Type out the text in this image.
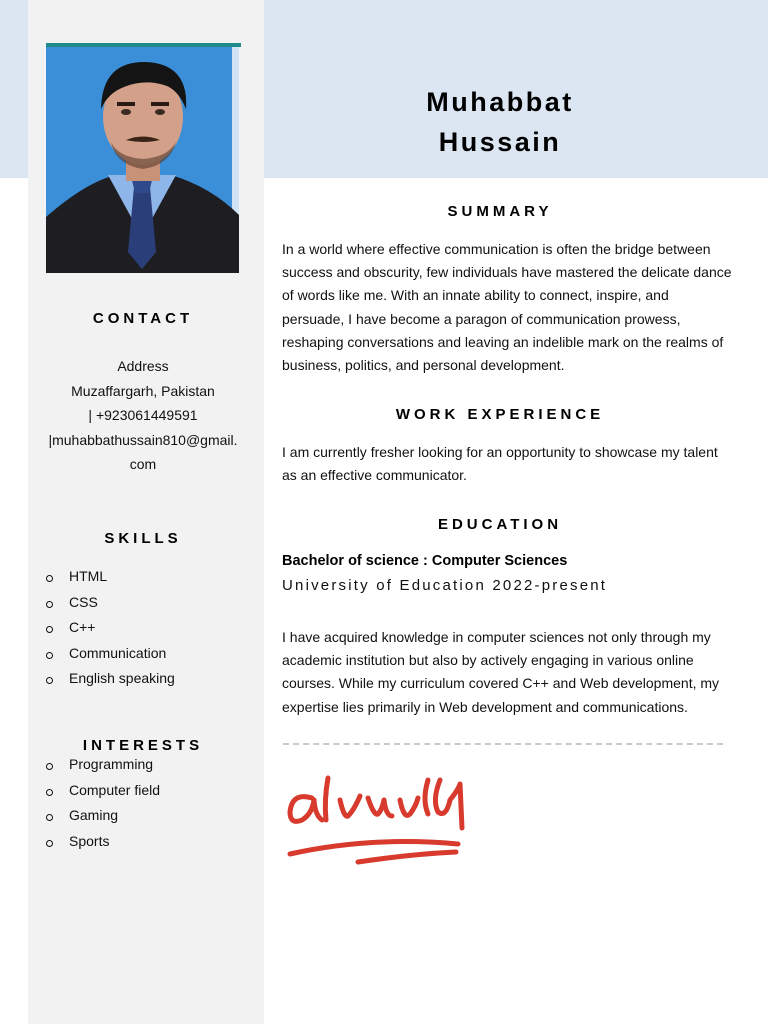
Muhabbat
Hussain
CONTACT
Address
Muzaffargarh, Pakistan
| +923061449591
|muhabbathussain810@gmail.
com
SKILLS
HTML
CSS
C++
Communication
English speaking
INTERESTS
Programming
Computer field
Gaming
Sports
SUMMARY
In a world where effective communication is often the bridge between success and obscurity, few individuals have mastered the delicate dance of words like me. With an innate ability to connect, inspire, and persuade, I have become a paragon of communication prowess, reshaping conversations and leaving an indelible mark on the realms of business, politics, and personal development.
WORK EXPERIENCE
I am currently fresher looking for an opportunity to showcase my talent as an effective communicator.
EDUCATION
Bachelor of science : Computer Sciences
University of Education 2022-present
I have acquired knowledge in computer sciences not only through my academic institution but also by actively engaging in various online courses. While my curriculum covered C++ and Web development, my expertise lies primarily in Web development and communications.
